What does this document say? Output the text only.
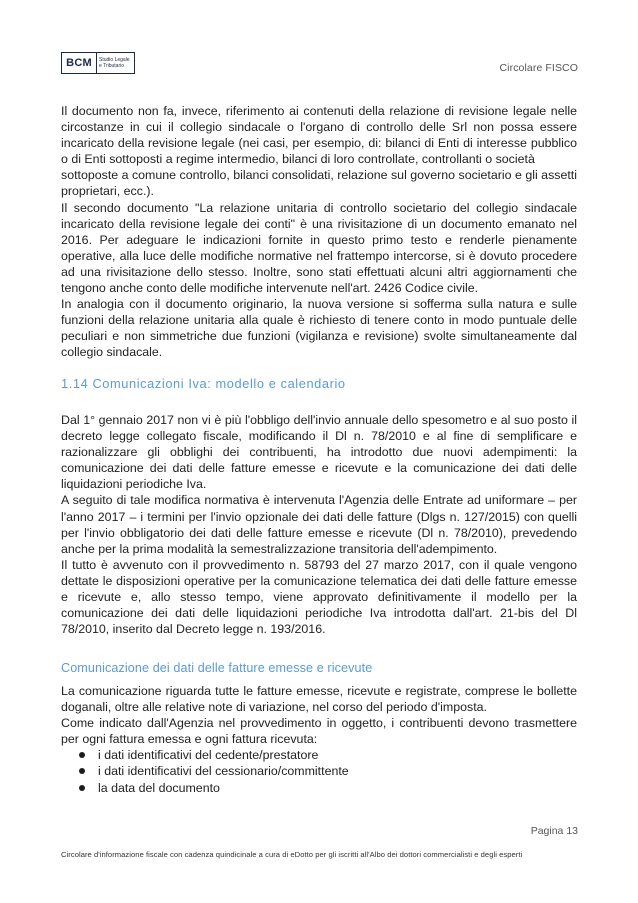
BCM	Studio Legale
e Tributario	Circolare FISCO

Il documento non fa, invece, riferimento ai contenuti della relazione di revisione legale nelle circostanze in cui il collegio sindacale o l'organo di controllo delle Srl non possa essere incaricato della revisione legale (nei casi, per esempio, di: bilanci di Enti di interesse pubblico o di Enti sottoposti a regime intermedio, bilanci di loro controllate, controllanti o società

sottoposte a comune controllo, bilanci consolidati, relazione sul governo societario e gli assetti proprietari, ecc.).

Il secondo documento "La relazione unitaria di controllo societario del collegio sindacale incaricato della revisione legale dei conti" è una rivisitazione di un documento emanato nel 2016. Per adeguare le indicazioni fornite in questo primo testo e renderle pienamente operative, alla luce delle modifiche normative nel frattempo intercorse, si è dovuto procedere ad una rivisitazione dello stesso. Inoltre, sono stati effettuati alcuni altri aggiornamenti che tengono anche conto delle modifiche intervenute nell'art. 2426 Codice civile.

In analogia con il documento originario, la nuova versione si sofferma sulla natura e sulle funzioni della relazione unitaria alla quale è richiesto di tenere conto in modo puntuale delle peculiari e non simmetriche due funzioni (vigilanza e revisione) svolte simultaneamente dal collegio sindacale.

1.14 Comunicazioni Iva: modello e calendario

Dal 1° gennaio 2017 non vi è più l'obbligo dell'invio annuale dello spesometro e al suo posto il decreto legge collegato fiscale, modificando il Dl n. 78/2010 e al fine di semplificare e razionalizzare gli obblighi dei contribuenti, ha introdotto due nuovi adempimenti: la comunicazione dei dati delle fatture emesse e ricevute e la comunicazione dei dati delle liquidazioni periodiche Iva.

A seguito di tale modifica normativa è intervenuta l'Agenzia delle Entrate ad uniformare – per l'anno 2017 – i termini per l'invio opzionale dei dati delle fatture (Dlgs n. 127/2015) con quelli per l'invio obbligatorio dei dati delle fatture emesse e ricevute (Dl n. 78/2010), prevedendo anche per la prima modalità la semestralizzazione transitoria dell'adempimento.

Il tutto è avvenuto con il provvedimento n. 58793 del 27 marzo 2017, con il quale vengono dettate le disposizioni operative per la comunicazione telematica dei dati delle fatture emesse e ricevute e, allo stesso tempo, viene approvato definitivamente il modello per la comunicazione dei dati delle liquidazioni periodiche Iva introdotta dall'art. 21-bis del Dl 78/2010, inserito dal Decreto legge n. 193/2016.

Comunicazione dei dati delle fatture emesse e ricevute

La comunicazione riguarda tutte le fatture emesse, ricevute e registrate, comprese le bollette doganali, oltre alle relative note di variazione, nel corso del periodo d'imposta.

Come indicato dall'Agenzia nel provvedimento in oggetto, i contribuenti devono trasmettere per ogni fattura emessa e ogni fattura ricevuta:

i dati identificativi del cedente/prestatore
i dati identificativi del cessionario/committente
la data del documento
Pagina 13
Circolare d'informazione fiscale con cadenza quindicinale a cura di eDotto per gli iscritti all'Albo dei dottori commercialisti e degli esperti
